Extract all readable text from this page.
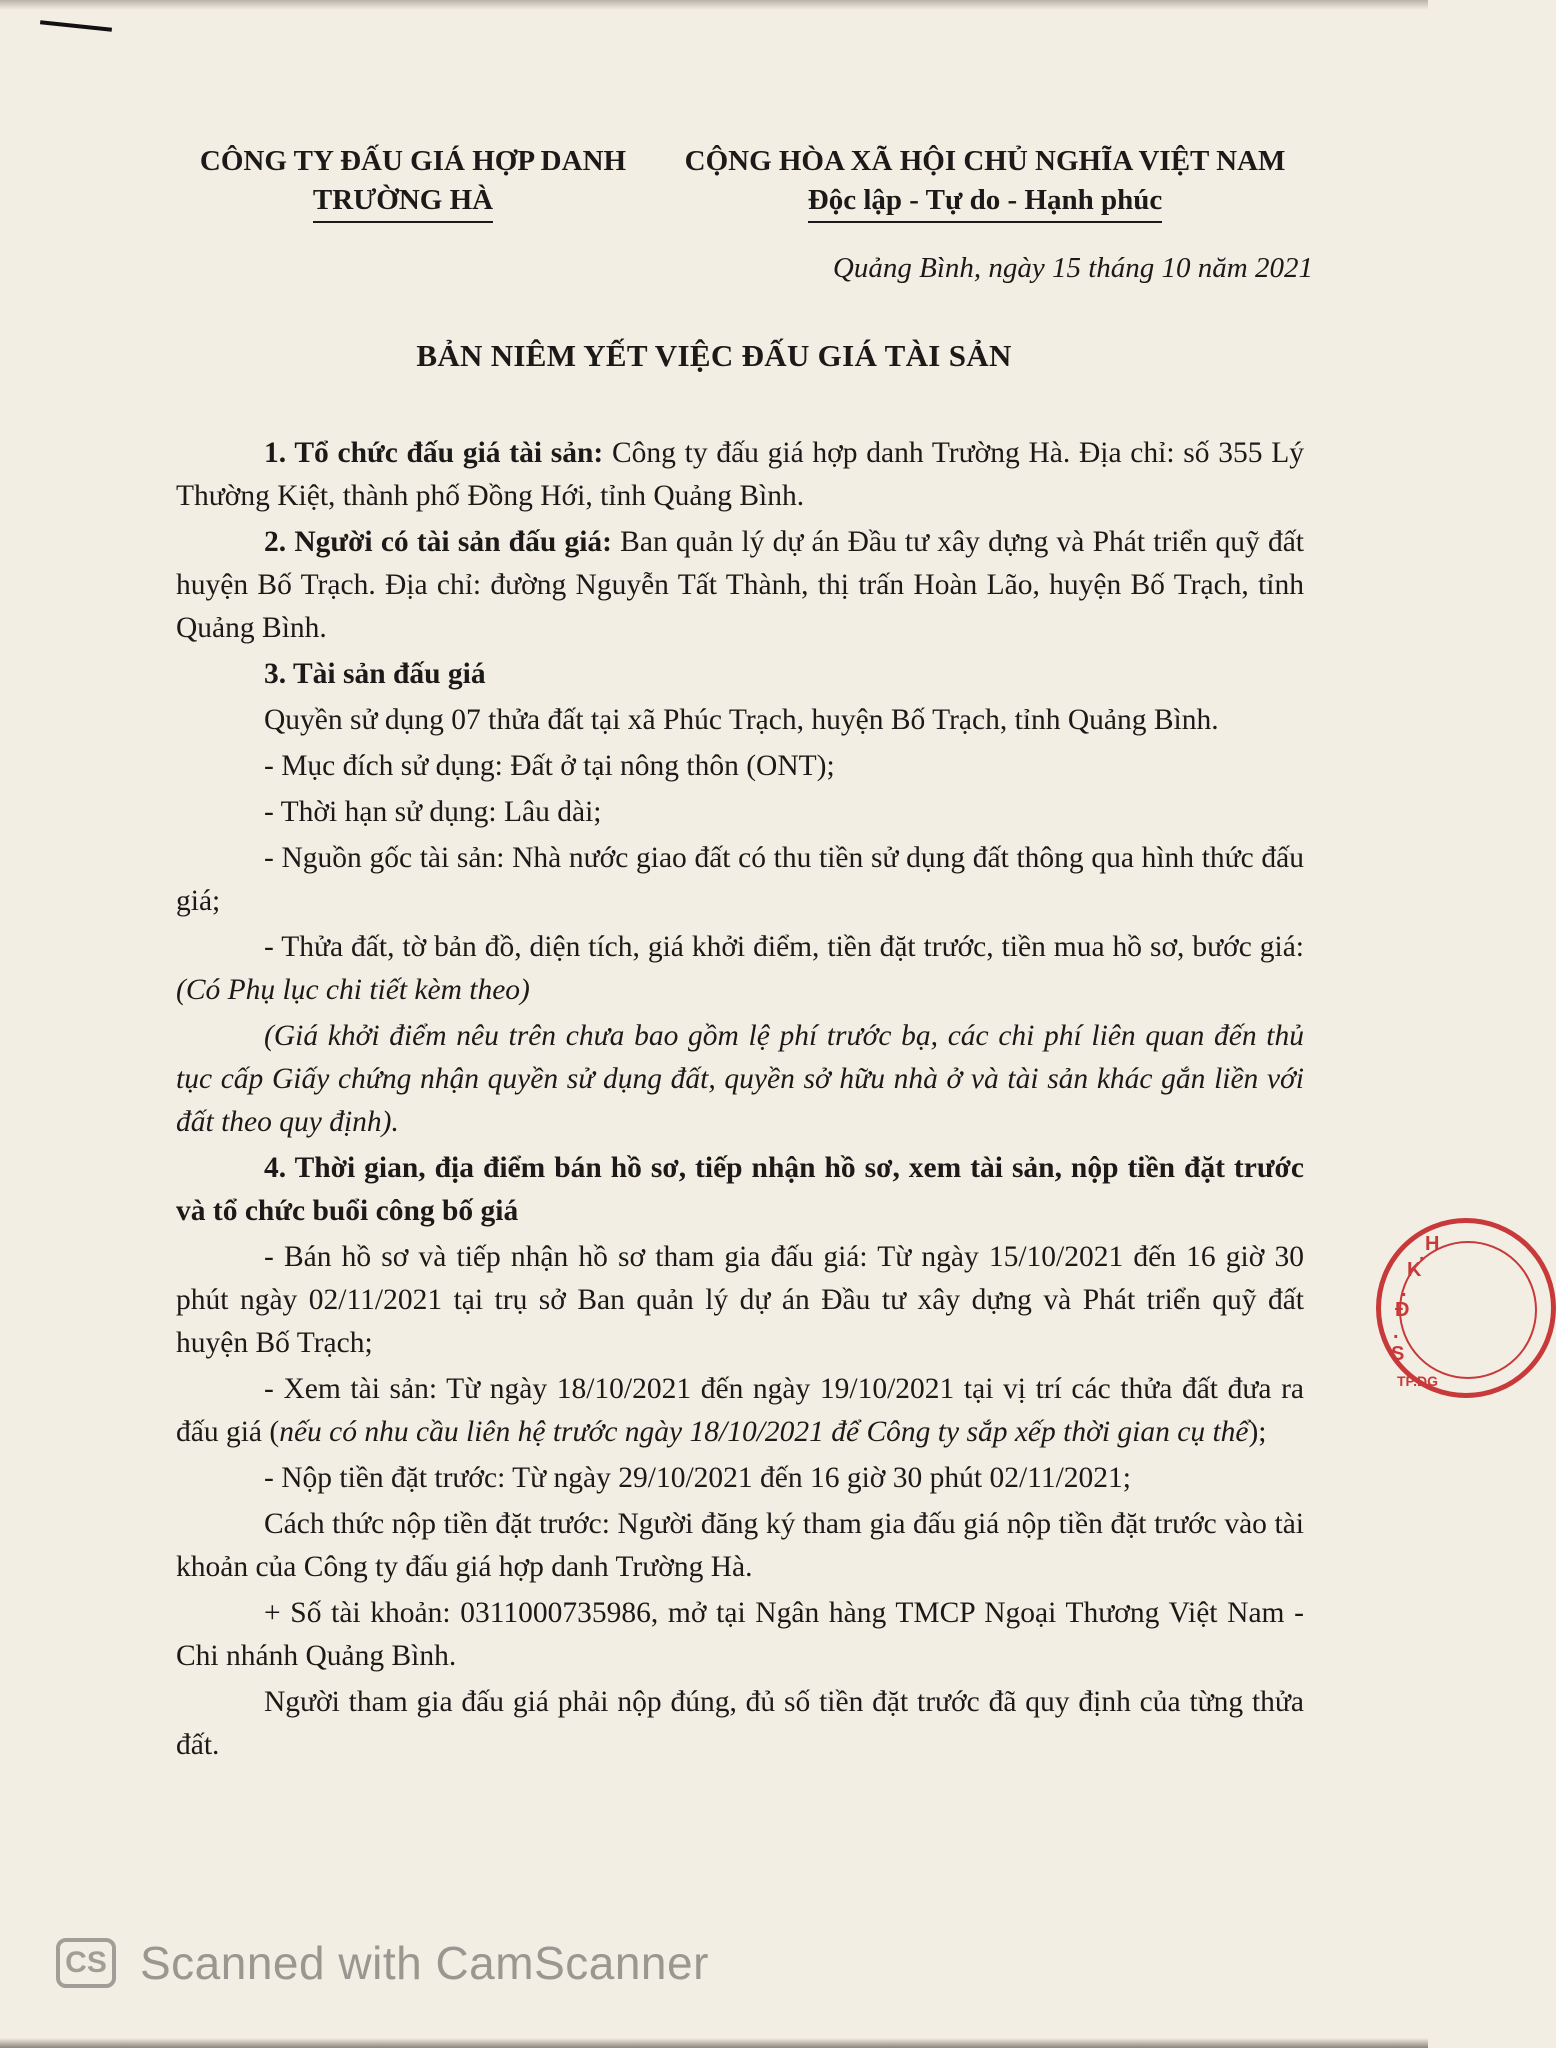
CÔNG TY ĐẤU GIÁ HỢP DANH
TRƯỜNG HÀ
CỘNG HÒA XÃ HỘI CHỦ NGHĨA VIỆT NAM
Độc lập - Tự do - Hạnh phúc
Quảng Bình, ngày 15 tháng 10 năm 2021
BẢN NIÊM YẾT VIỆC ĐẤU GIÁ TÀI SẢN

1. Tổ chức đấu giá tài sản: Công ty đấu giá hợp danh Trường Hà. Địa chỉ: số 355 Lý Thường Kiệt, thành phố Đồng Hới, tỉnh Quảng Bình.

2. Người có tài sản đấu giá: Ban quản lý dự án Đầu tư xây dựng và Phát triển quỹ đất huyện Bố Trạch. Địa chỉ: đường Nguyễn Tất Thành, thị trấn Hoàn Lão, huyện Bố Trạch, tỉnh Quảng Bình.

3. Tài sản đấu giá

Quyền sử dụng 07 thửa đất tại xã Phúc Trạch, huyện Bố Trạch, tỉnh Quảng Bình.

- Mục đích sử dụng: Đất ở tại nông thôn (ONT);

- Thời hạn sử dụng: Lâu dài;

- Nguồn gốc tài sản: Nhà nước giao đất có thu tiền sử dụng đất thông qua hình thức đấu giá;

- Thửa đất, tờ bản đồ, diện tích, giá khởi điểm, tiền đặt trước, tiền mua hồ sơ, bước giá: (Có Phụ lục chi tiết kèm theo)

(Giá khởi điểm nêu trên chưa bao gồm lệ phí trước bạ, các chi phí liên quan đến thủ tục cấp Giấy chứng nhận quyền sử dụng đất, quyền sở hữu nhà ở và tài sản khác gắn liền với đất theo quy định).

4. Thời gian, địa điểm bán hồ sơ, tiếp nhận hồ sơ, xem tài sản, nộp tiền đặt trước và tổ chức buổi công bố giá

- Bán hồ sơ và tiếp nhận hồ sơ tham gia đấu giá: Từ ngày 15/10/2021 đến 16 giờ 30 phút ngày 02/11/2021 tại trụ sở Ban quản lý dự án Đầu tư xây dựng và Phát triển quỹ đất huyện Bố Trạch;

- Xem tài sản: Từ ngày 18/10/2021 đến ngày 19/10/2021 tại vị trí các thửa đất đưa ra đấu giá (nếu có nhu cầu liên hệ trước ngày 18/10/2021 để Công ty sắp xếp thời gian cụ thể);

- Nộp tiền đặt trước: Từ ngày 29/10/2021 đến 16 giờ 30 phút 02/11/2021;

Cách thức nộp tiền đặt trước: Người đăng ký tham gia đấu giá nộp tiền đặt trước vào tài khoản của Công ty đấu giá hợp danh Trường Hà.

+ Số tài khoản: 0311000735986, mở tại Ngân hàng TMCP Ngoại Thương Việt Nam - Chi nhánh Quảng Bình.

Người tham gia đấu giá phải nộp đúng, đủ số tiền đặt trước đã quy định của từng thửa đất.

S
.
Đ
.
K
. H
TP.ĐG
CS Scanned with CamScanner
